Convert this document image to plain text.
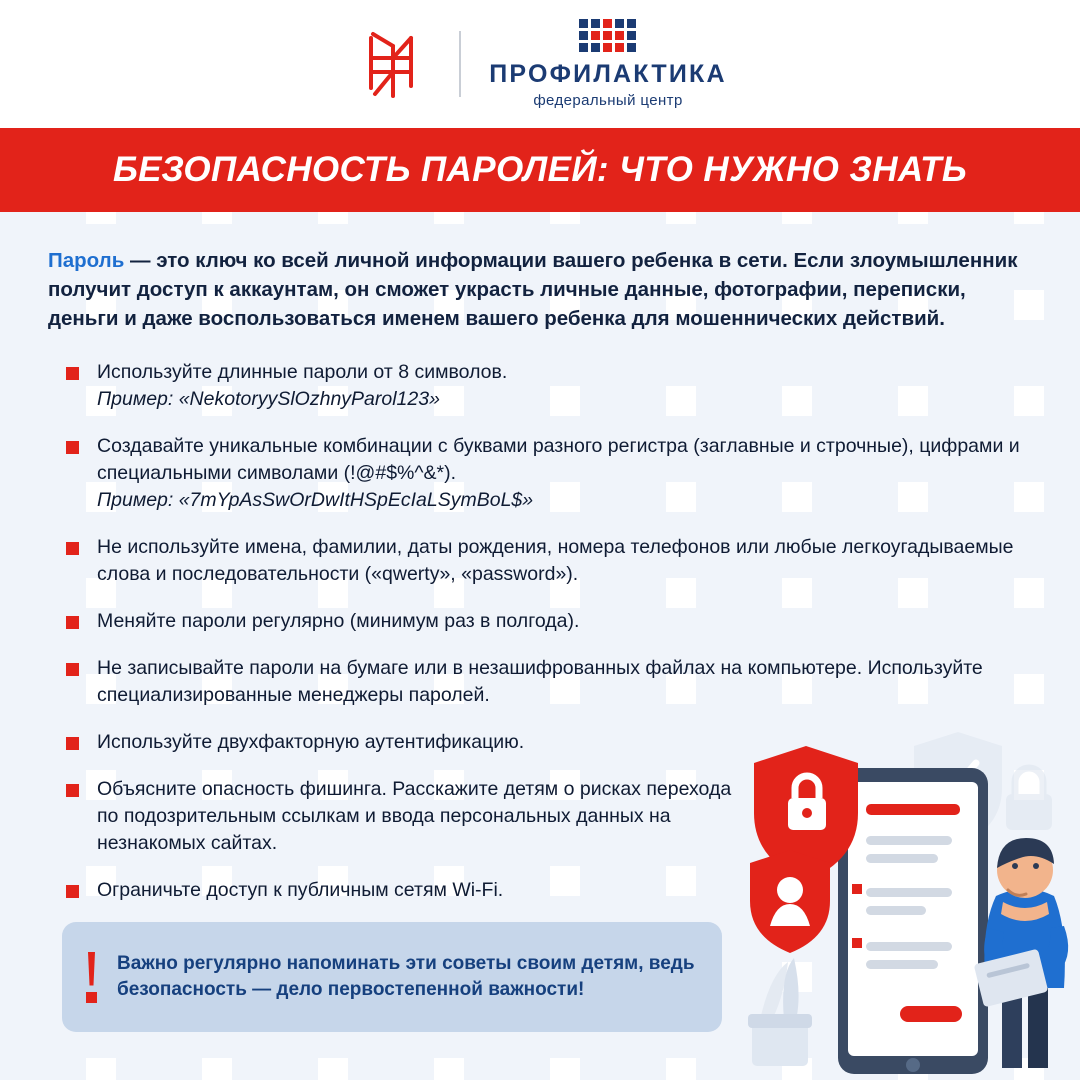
ПРОФИЛАКТИКА
федеральный центр
БЕЗОПАСНОСТЬ ПАРОЛЕЙ: ЧТО НУЖНО ЗНАТЬ

Пароль — это ключ ко всей личной информации вашего ребенка в сети. Если злоумышленник получит доступ к аккаунтам, он сможет украсть личные данные, фотографии, переписки, деньги и даже воспользоваться именем вашего ребенка для мошеннических действий.

Используйте длинные пароли от 8 символов.
Пример: «NekotoryySlOzhnyParol123»
Создавайте уникальные комбинации с буквами разного регистра (заглавные и строчные), цифрами и специальными символами (!@#$%^&*).
Пример: «7mYpAsSwOrDwItHSpEcIaLSymBoL$»
Не используйте имена, фамилии, даты рождения, номера телефонов или любые легкоугадываемые слова и последовательности («qwerty», «password»).
Меняйте пароли регулярно (минимум раз в полгода).
Не записывайте пароли на бумаге или в незашифрованных файлах на компьютере. Используйте специализированные менеджеры паролей.
Используйте двухфакторную аутентификацию.
Объясните опасность фишинга. Расскажите детям о рисках перехода по подозрительным ссылкам и ввода персональных данных на незнакомых сайтах.
Ограничьте доступ к публичным сетям Wi-Fi.
Важно регулярно напоминать эти советы своим детям, ведь безопасность — дело первостепенной важности!
